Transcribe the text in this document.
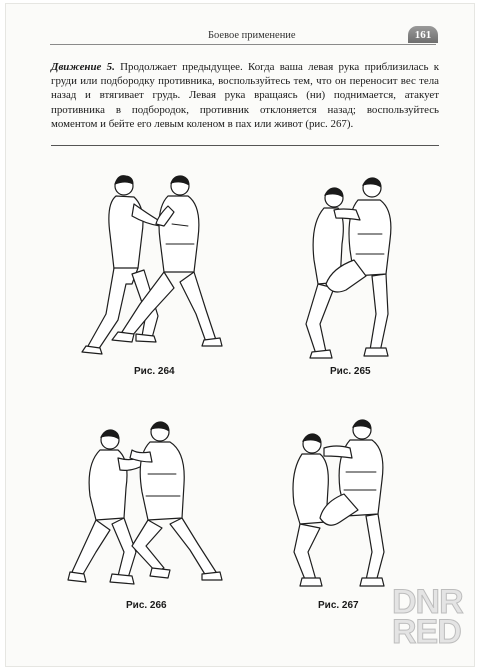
Боевое применение	161

Движение 5. Продолжает предыдущее. Когда ваша левая рука приблизилась к груди или подбородку противника, воспользуйтесь тем, что он переносит вес тела назад и втягивает грудь. Левая рука вращаясь (ни) поднимается, атакует противника в подбородок, противник отклоняется назад; воспользуйтесь моментом и бейте его левым коленом в пах или живот (рис. 267).

Рис. 264	Рис. 265
Рис. 266	Рис. 267 DNR
RED
